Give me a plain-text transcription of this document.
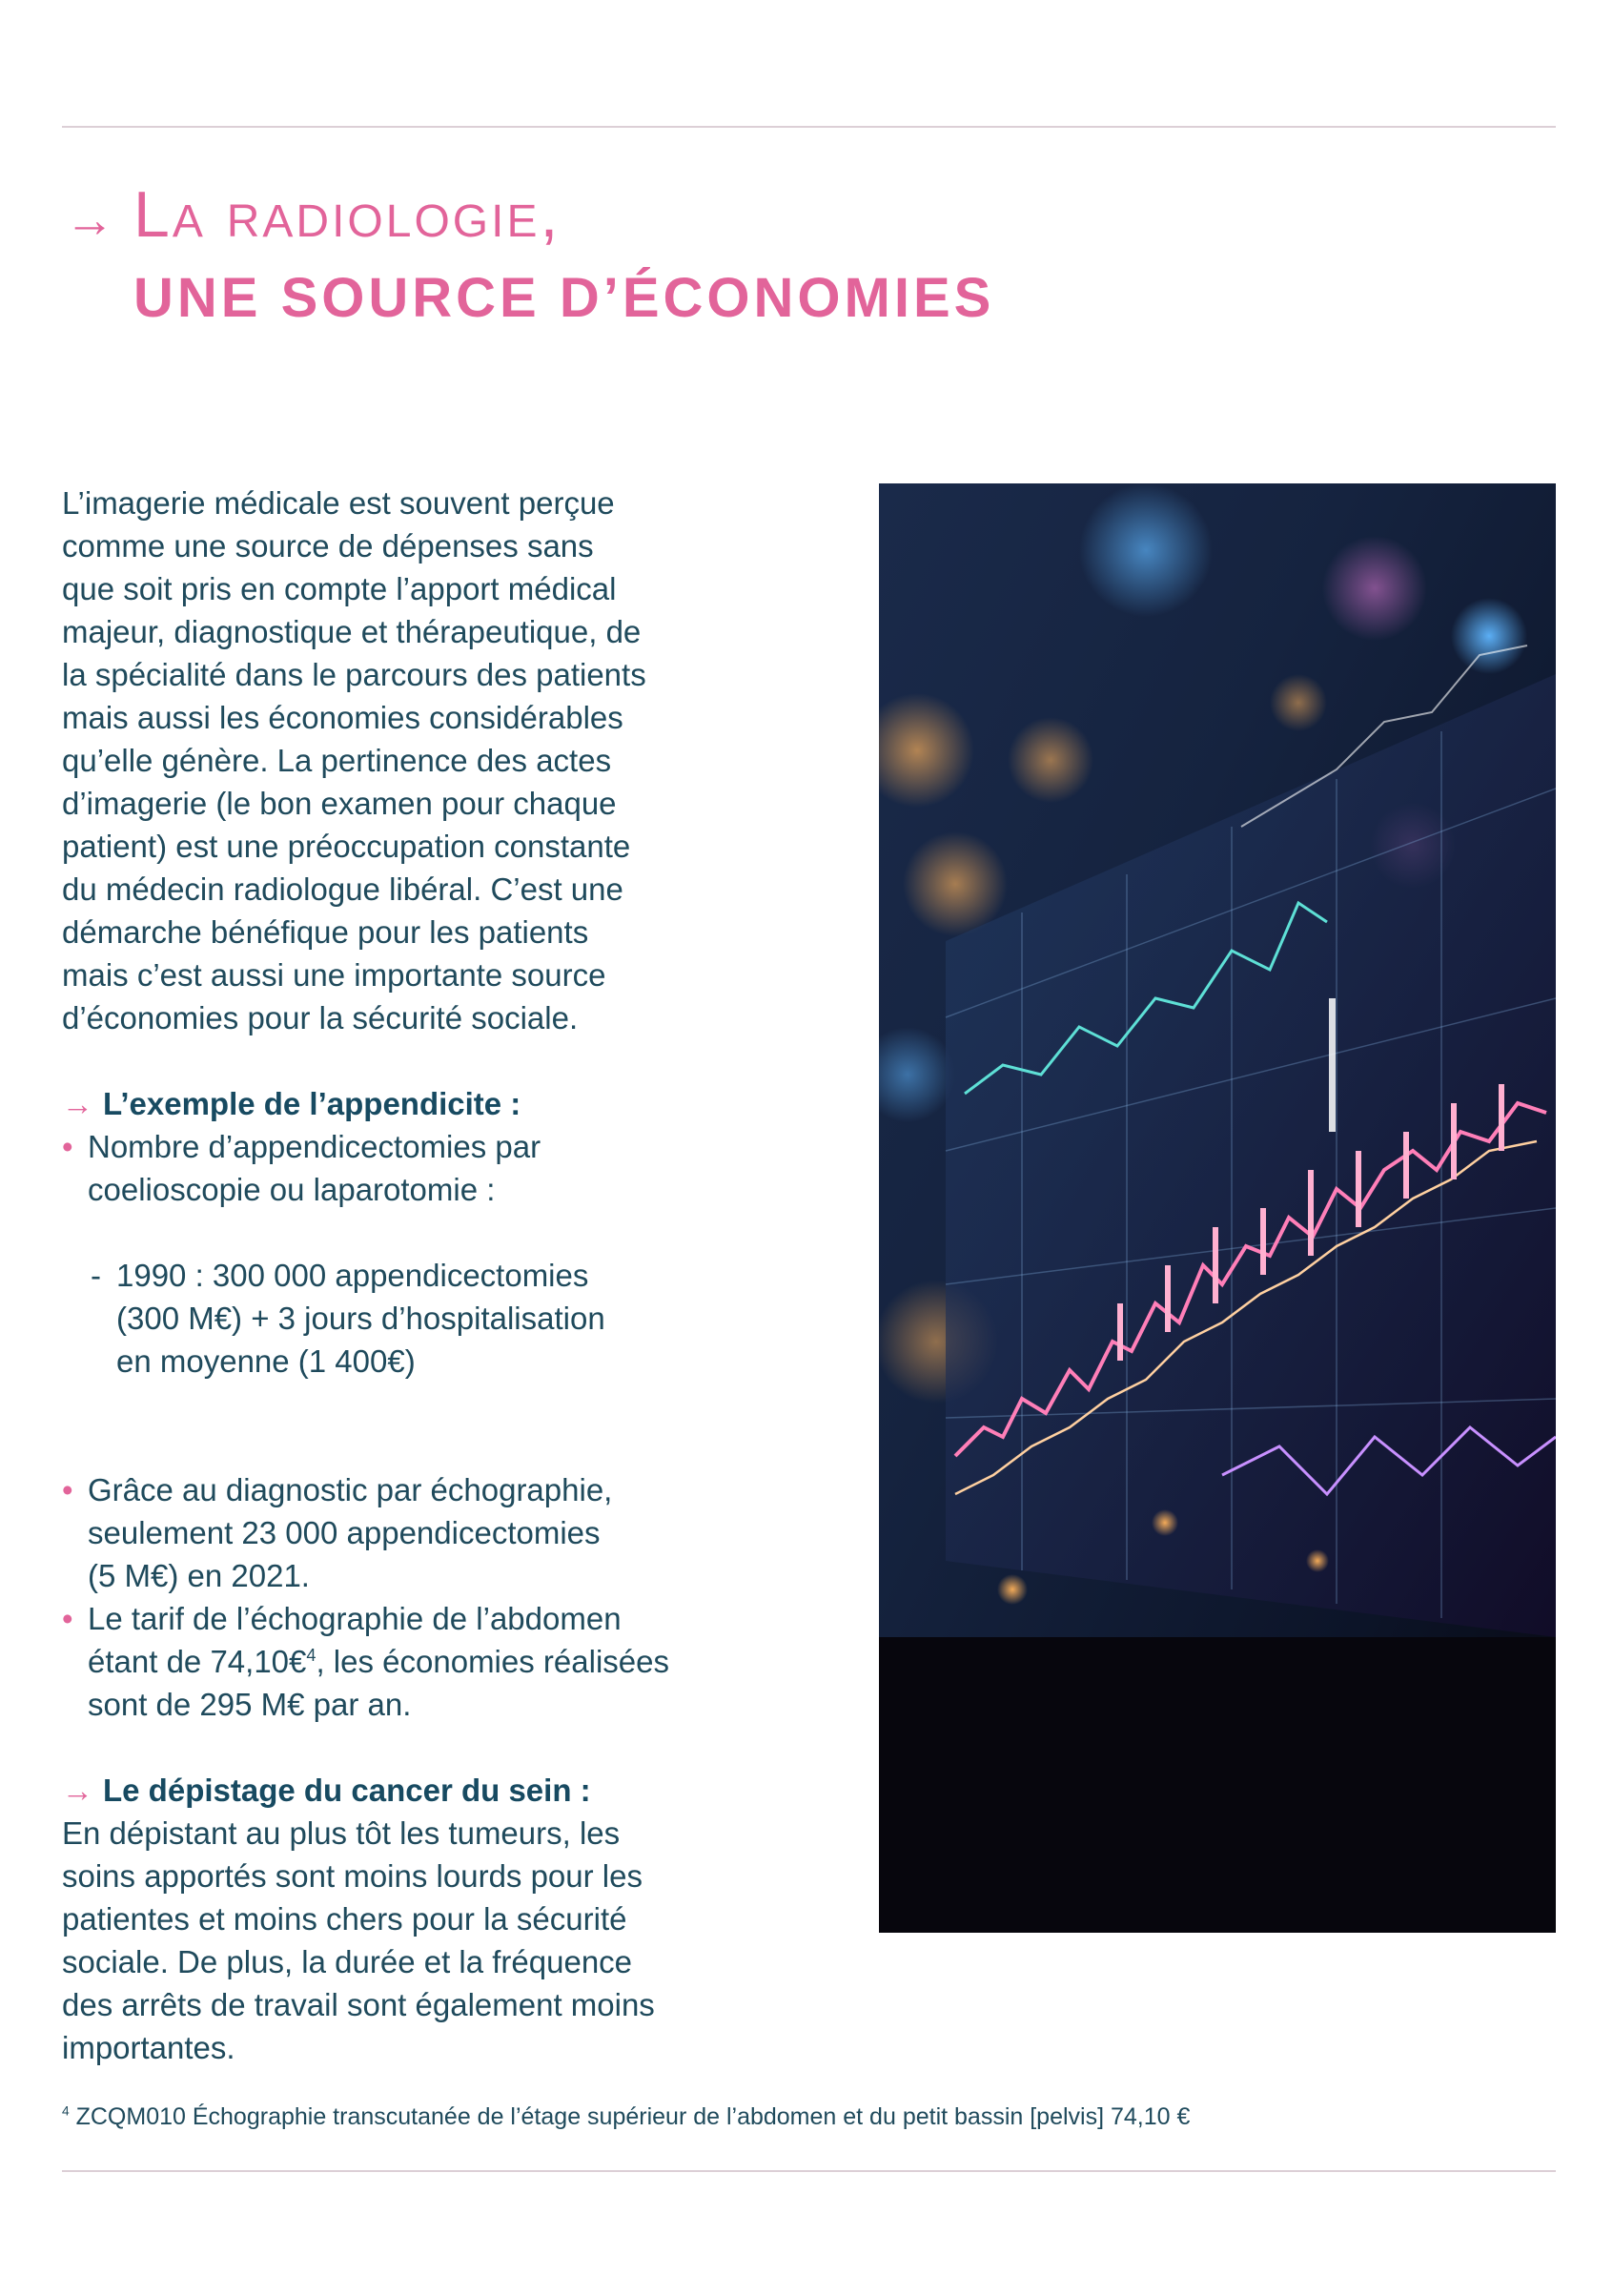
→ La radiologie,
UNE SOURCE D’ÉCONOMIES

L’imagerie médicale est souvent perçue
comme une source de dépenses sans
que soit pris en compte l’apport médical
majeur, diagnostique et thérapeutique, de
la spécialité dans le parcours des patients
mais aussi les économies considérables
qu’elle génère. La pertinence des actes
d’imagerie (le bon examen pour chaque
patient) est une préoccupation constante
du médecin radiologue libéral. C’est une
démarche bénéfique pour les patients
mais c’est aussi une importante source
d’économies pour la sécurité sociale.

→ L’exemple de l’appendicite :

• Nombre d’appendicectomies par
coelioscopie ou laparotomie :

- 1990 : 300 000 appendicectomies
(300 M€) + 3 jours d’hospitalisation
en moyenne (1 400€)

• Grâce au diagnostic par échographie,
seulement 23 000 appendicectomies
(5 M€) en 2021.
• Le tarif de l’échographie de l’abdomen
étant de 74,10€$^4$, les économies réalisées
sont de 295 M€ par an.

→ Le dépistage du cancer du sein :

En dépistant au plus tôt les tumeurs, les
soins apportés sont moins lourds pour les
patientes et moins chers pour la sécurité
sociale. De plus, la durée et la fréquence
des arrêts de travail sont également moins
importantes.

$^4$ ZCQM010 Échographie transcutanée de l’étage supérieur de l’abdomen et du petit bassin [pelvis] 74,10 €
